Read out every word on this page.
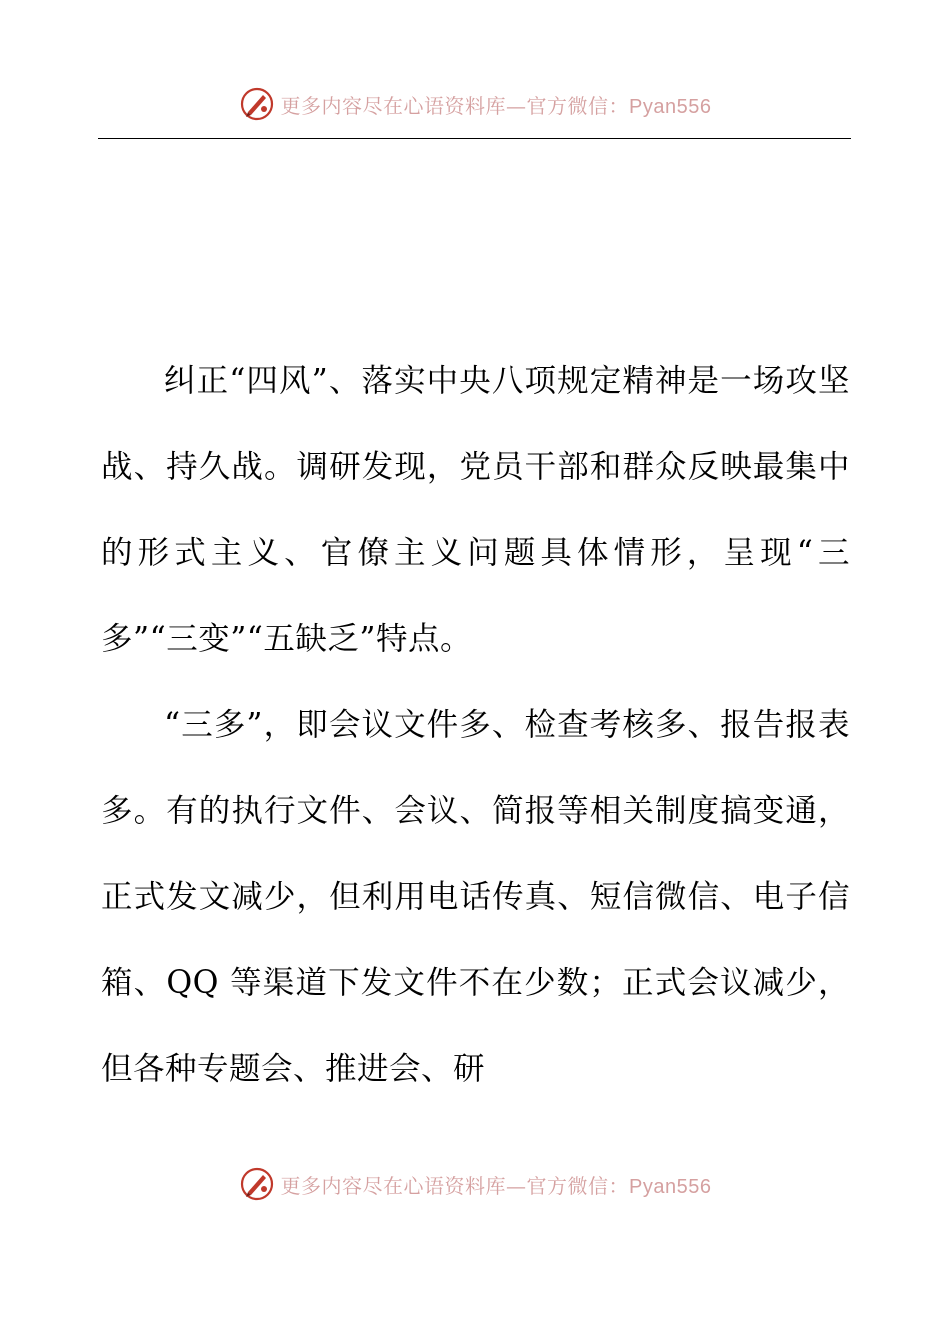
更多内容尽在心语资料库—官方微信：Pyan556

纠正“四风”、落实中央八项规定精神是一场攻坚战、持久战。调研发现，党员干部和群众反映最集中的形式主义、官僚主义问题具体情形，呈现“三多”“三变”“五缺乏”特点。

“三多”，即会议文件多、检查考核多、报告报表多。有的执行文件、会议、简报等相关制度搞变通，正式发文减少，但利用电话传真、短信微信、电子信箱、QQ 等渠道下发文件不在少数；正式会议减少，但各种专题会、推进会、研

更多内容尽在心语资料库—官方微信：Pyan556
